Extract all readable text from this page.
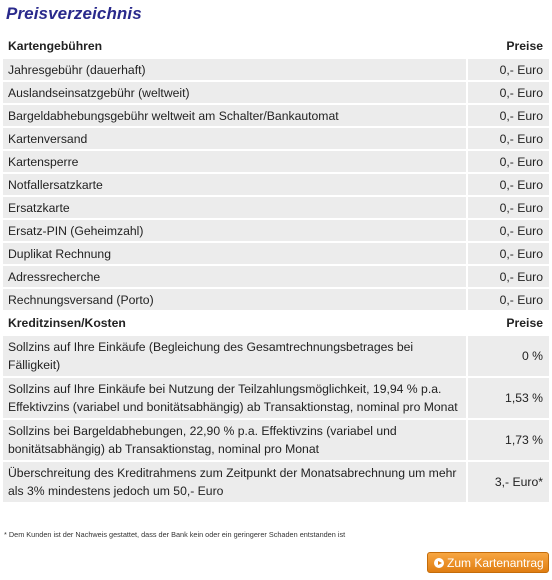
Preisverzeichnis
Kartengebühren	Preise
Jahresgebühr (dauerhaft)	0,- Euro
Auslandseinsatzgebühr (weltweit)	0,- Euro
Bargeldabhebungsgebühr weltweit am Schalter/Bankautomat	0,- Euro
Kartenversand	0,- Euro
Kartensperre	0,- Euro
Notfallersatzkarte	0,- Euro
Ersatzkarte	0,- Euro
Ersatz-PIN (Geheimzahl)	0,- Euro
Duplikat Rechnung	0,- Euro
Adressrecherche	0,- Euro
Rechnungsversand (Porto)	0,- Euro
Kreditzinsen/Kosten	Preise
Sollzins auf Ihre Einkäufe (Begleichung des Gesamtrechnungsbetrages bei Fälligkeit)	0 %
Sollzins auf Ihre Einkäufe bei Nutzung der Teilzahlungsmöglichkeit, 19,94 % p.a. Effektivzins (variabel und bonitätsabhängig) ab Transaktionstag, nominal pro Monat	1,53 %
Sollzins bei Bargeldabhebungen, 22,90 % p.a. Effektivzins (variabel und bonitätsabhängig) ab Transaktionstag, nominal pro Monat	1,73 %
Überschreitung des Kreditrahmens zum Zeitpunkt der Monatsabrechnung um mehr als 3% mindestens jedoch um 50,- Euro	3,- Euro*
* Dem Kunden ist der Nachweis gestattet, dass der Bank kein oder ein geringerer Schaden entstanden ist
Zum Kartenantrag
